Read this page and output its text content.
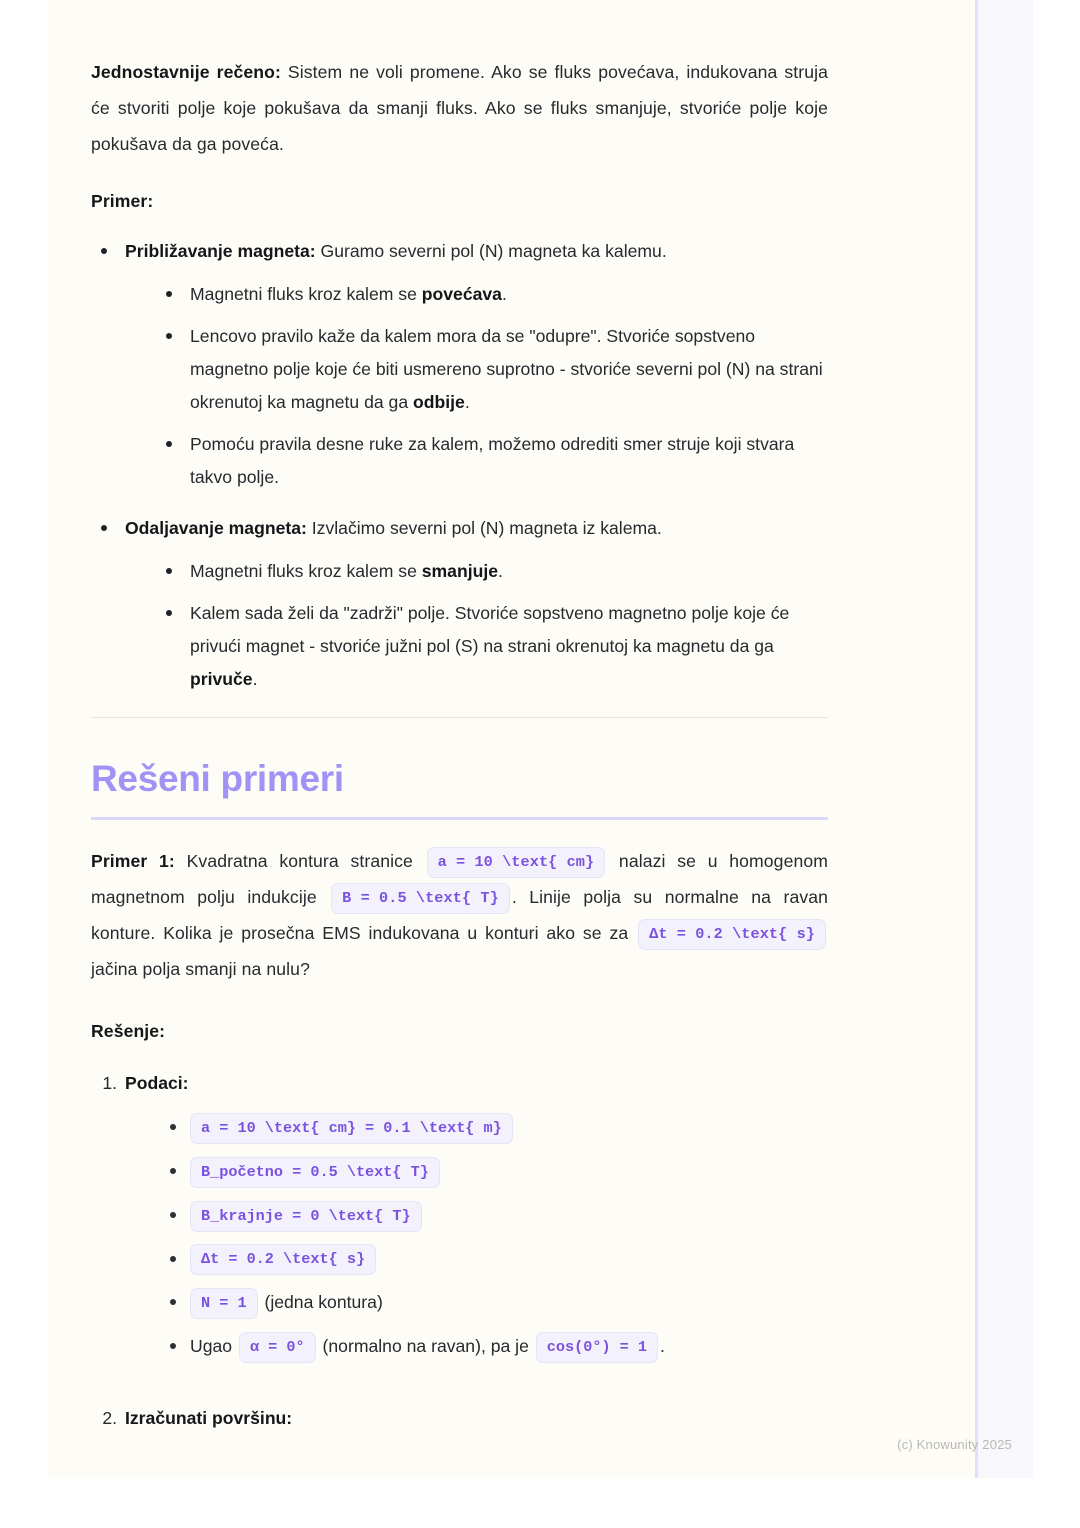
Jednostavnije rečeno: Sistem ne voli promene. Ako se fluks povećava, indukovana struja će stvoriti polje koje pokušava da smanji fluks. Ako se fluks smanjuje, stvoriće polje koje pokušava da ga poveća.

Primer:

Približavanje magneta: Guramo severni pol (N) magneta ka kalemu.
Magnetni fluks kroz kalem se povećava.
Lencovo pravilo kaže da kalem mora da se "odupre". Stvoriće sopstveno magnetno polje koje će biti usmereno suprotno - stvoriće severni pol (N) na strani okrenutoj ka magnetu da ga odbije.
Pomoću pravila desne ruke za kalem, možemo odrediti smer struje koji stvara takvo polje.
Odaljavanje magneta: Izvlačimo severni pol (N) magneta iz kalema.
Magnetni fluks kroz kalem se smanjuje.
Kalem sada želi da "zadrži" polje. Stvoriće sopstveno magnetno polje koje će privući magnet - stvoriće južni pol (S) na strani okrenutoj ka magnetu da ga privuče.
Rešeni primeri

Primer 1: Kvadratna kontura stranice a = 10 \text{ cm} nalazi se u homogenom magnetnom polju indukcije B = 0.5 \text{ T} . Linije polja su normalne na ravan konture. Kolika je prosečna EMS indukovana u konturi ako se za Δt = 0.2 \text{ s} jačina polja smanji na nulu?

Rešenje:

1. Podaci:
a = 10 \text{ cm} = 0.1 \text{ m}
B_početno = 0.5 \text{ T}
B_krajnje = 0 \text{ T}
Δt = 0.2 \text{ s}
N = 1 (jedna kontura)
Ugao α = 0° (normalno na ravan), pa je cos(0°) = 1 .
2. Izračunati površinu:
(c) Knowunity 2025
